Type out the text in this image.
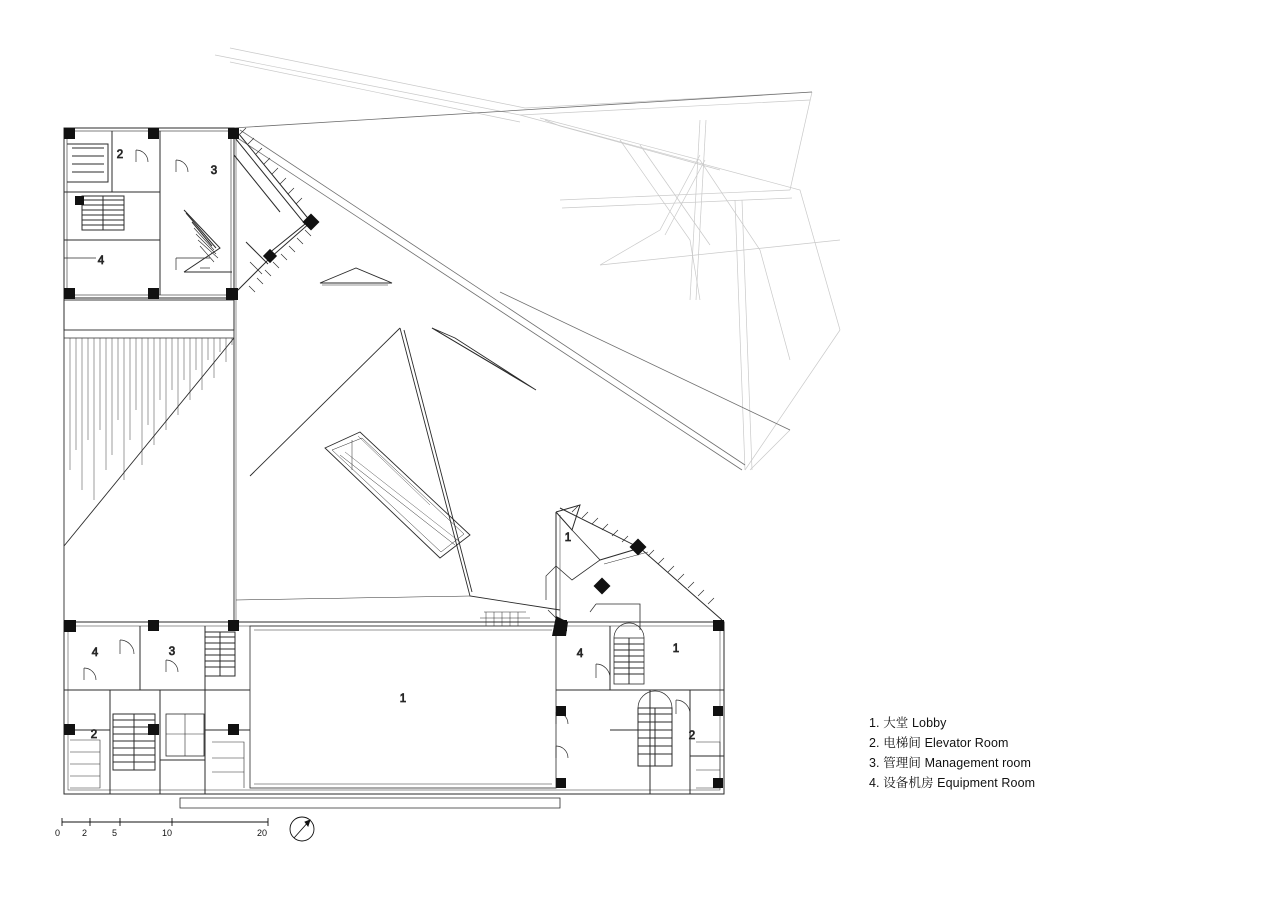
2
3
4
1
4	1
4	3
1
2	2
0 2	5	10	20
1. 大堂 Lobby
2. 电梯间 Elevator Room
3. 管理间 Management room
4. 设备机房 Equipment Room
